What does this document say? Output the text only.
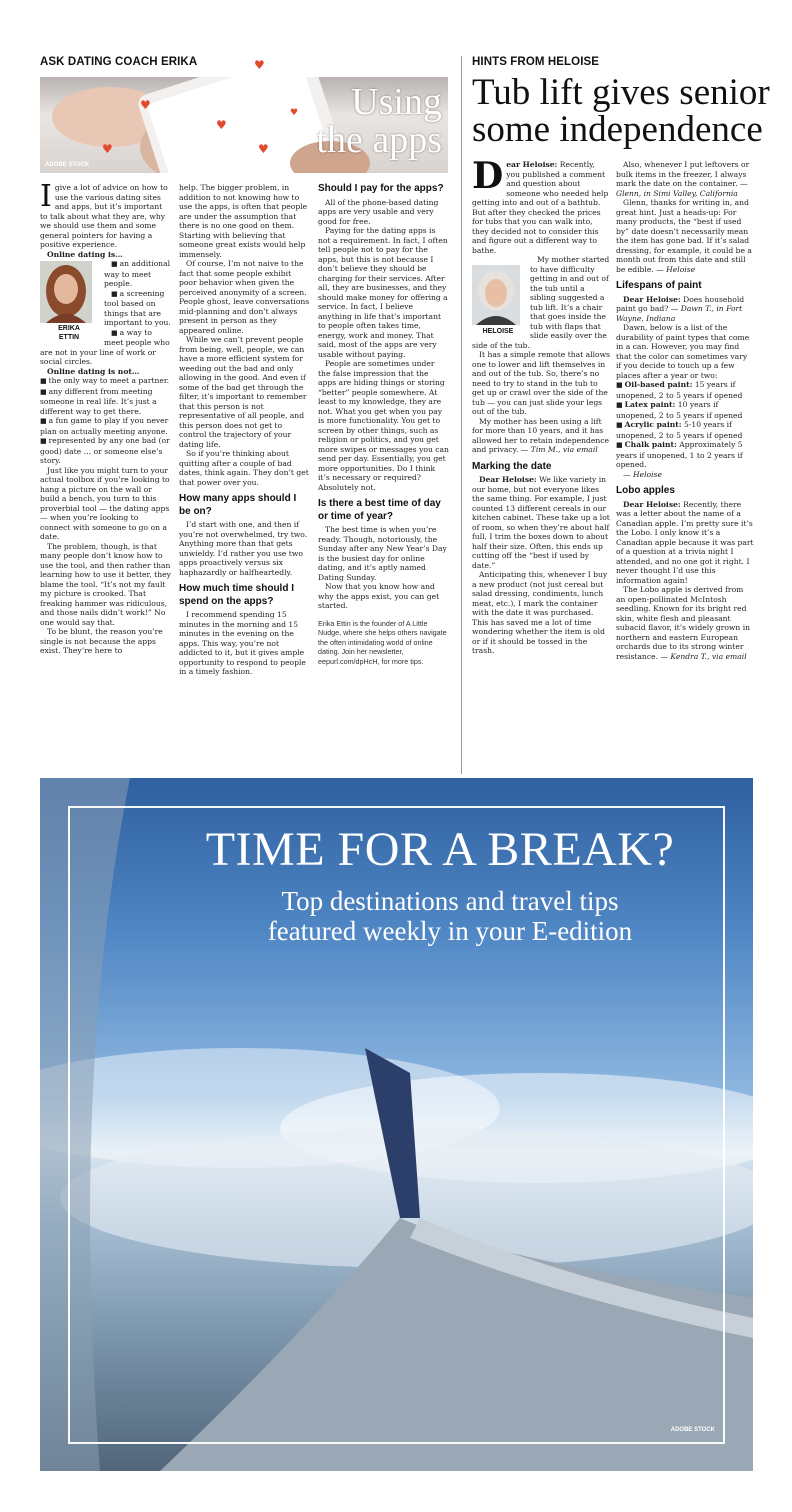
ASK DATING COACH ERIKA
♥
♥
♥
♥
♥
Using
the apps
ADOBE STOCK
♥

Igive a lot of advice on how to use the various dating sites and apps, but it’s important to talk about what they are, why we should use them and some general pointers for having a positive experience.

Online dating is…

ERIKA
ETTIN

■ an additional way to meet people.

■ a screening tool based on things that are important to you.

■ a way to meet people who are not in your line of work or social circles.

Online dating is not…

■ the only way to meet a partner.

■ any different from meeting someone in real life. It’s just a different way to get there.

■ a fun game to play if you never plan on actually meeting anyone.

■ represented by any one bad (or good) date … or someone else’s story.

Just like you might turn to your actual toolbox if you’re looking to hang a picture on the wall or build a bench, you turn to this proverbial tool — the dating apps — when you’re looking to connect with someone to go on a date.

The problem, though, is that many people don’t know how to use the tool, and then rather than learning how to use it better, they blame the tool. “It’s not my fault my picture is crooked. That freaking hammer was ridiculous, and those nails didn’t work!” No one would say that.

To be blunt, the reason you’re single is not because the apps exist. They’re here to

help. The bigger problem, in addition to not knowing how to use the apps, is often that people are under the assumption that there is no one good on them. Starting with believing that someone great exists would help immensely.

Of course, I’m not naive to the fact that some people exhibit poor behavior when given the perceived anonymity of a screen. People ghost, leave conversations mid-planning and don’t always present in person as they appeared online.

While we can’t prevent people from being, well, people, we can have a more efficient system for weeding out the bad and only allowing in the good. And even if some of the bad get through the filter, it’s important to remember that this person is not representative of all people, and this person does not get to control the trajectory of your dating life.

So if you’re thinking about quitting after a couple of bad dates, think again. They don’t get that power over you.

How many apps should I be on?

I’d start with one, and then if you’re not overwhelmed, try two. Anything more than that gets unwieldy. I’d rather you use two apps proactively versus six haphazardly or halfheartedly.

How much time should I spend on the apps?

I recommend spending 15 minutes in the morning and 15 minutes in the evening on the apps. This way, you’re not addicted to it, but it gives ample opportunity to respond to people in a timely fashion.

Should I pay for the apps?

All of the phone-based dating apps are very usable and very good for free.

Paying for the dating apps is not a requirement. In fact, I often tell people not to pay for the apps, but this is not because I don’t believe they should be charging for their services. After all, they are businesses, and they should make money for offering a service. In fact, I believe anything in life that’s important to people often takes time, energy, work and money. That said, most of the apps are very usable without paying.

People are sometimes under the false impression that the apps are hiding things or storing “better” people somewhere. At least to my knowledge, they are not. What you get when you pay is more functionality. You get to screen by other things, such as religion or politics, and you get more swipes or messages you can send per day. Essentially, you get more opportunities. Do I think it’s necessary or required? Absolutely not.

Is there a best time of day or time of year?

The best time is when you’re ready. Though, notoriously, the Sunday after any New Year’s Day is the busiest day for online dating, and it’s aptly named Dating Sunday.

Now that you know how and why the apps exist, you can get started.

Erika Ettin is the founder of A Little Nudge, where she helps others navigate the often intimidating world of online dating. Join her newsletter, eepurl.com/dpHcH, for more tips.

HINTS FROM HELOISE
Tub lift gives senior some independence

Dear Heloise: Recently, you published a comment and question about someone who needed help getting into and out of a bathtub. But after they checked the prices for tubs that you can walk into, they decided not to consider this and figure out a different way to bathe.

HELOISE

My mother started to have difficulty getting in and out of the tub until a sibling suggested a tub lift. It’s a chair that goes inside the tub with flaps that slide easily over the side of the tub.

It has a simple remote that allows one to lower and lift themselves in and out of the tub. So, there’s no need to try to stand in the tub to get up or crawl over the side of the tub — you can just slide your legs out of the tub.

My mother has been using a lift for more than 10 years, and it has allowed her to retain independence and privacy. — Tim M., via email

Marking the date

Dear Heloise: We like variety in our home, but not everyone likes the same thing. For example, I just counted 13 different cereals in our kitchen cabinet. These take up a lot of room, so when they’re about half full, I trim the boxes down to about half their size. Often, this ends up cutting off the “best if used by date.”

Anticipating this, whenever I buy a new product (not just cereal but salad dressing, condiments, lunch meat, etc.), I mark the container with the date it was purchased. This has saved me a lot of time wondering whether the item is old or if it should be tossed in the trash.

Also, whenever I put leftovers or bulk items in the freezer, I always mark the date on the container. — Glenn, in Simi Valley, California

Glenn, thanks for writing in, and great hint. Just a heads-up: For many products, the “best if used by” date doesn’t necessarily mean the item has gone bad. If it’s salad dressing, for example, it could be a month out from this date and still be edible. — Heloise

Lifespans of paint

Dear Heloise: Does household paint go bad? — Dawn T., in Fort Wayne, Indiana

Dawn, below is a list of the durability of paint types that come in a can. However, you may find that the color can sometimes vary if you decide to touch up a few places after a year or two:

■ Oil-based paint: 15 years if unopened, 2 to 5 years if opened

■ Latex paint: 10 years if unopened, 2 to 5 years if opened

■ Acrylic paint: 5-10 years if unopened, 2 to 5 years if opened

■ Chalk paint: Approximately 5 years if unopened, 1 to 2 years if opened.

— Heloise

Lobo apples

Dear Heloise: Recently, there was a letter about the name of a Canadian apple. I’m pretty sure it’s the Lobo. I only know it’s a Canadian apple because it was part of a question at a trivia night I attended, and no one got it right. I never thought I’d use this information again!

The Lobo apple is derived from an open-pollinated McIntosh seedling. Known for its bright red skin, white flesh and pleasant subacid flavor, it’s widely grown in northern and eastern European orchards due to its strong winter resistance. — Kendra T., via email

TIME FOR A BREAK?
Top destinations and travel tips
featured weekly in your E-edition
ADOBE STOCK
